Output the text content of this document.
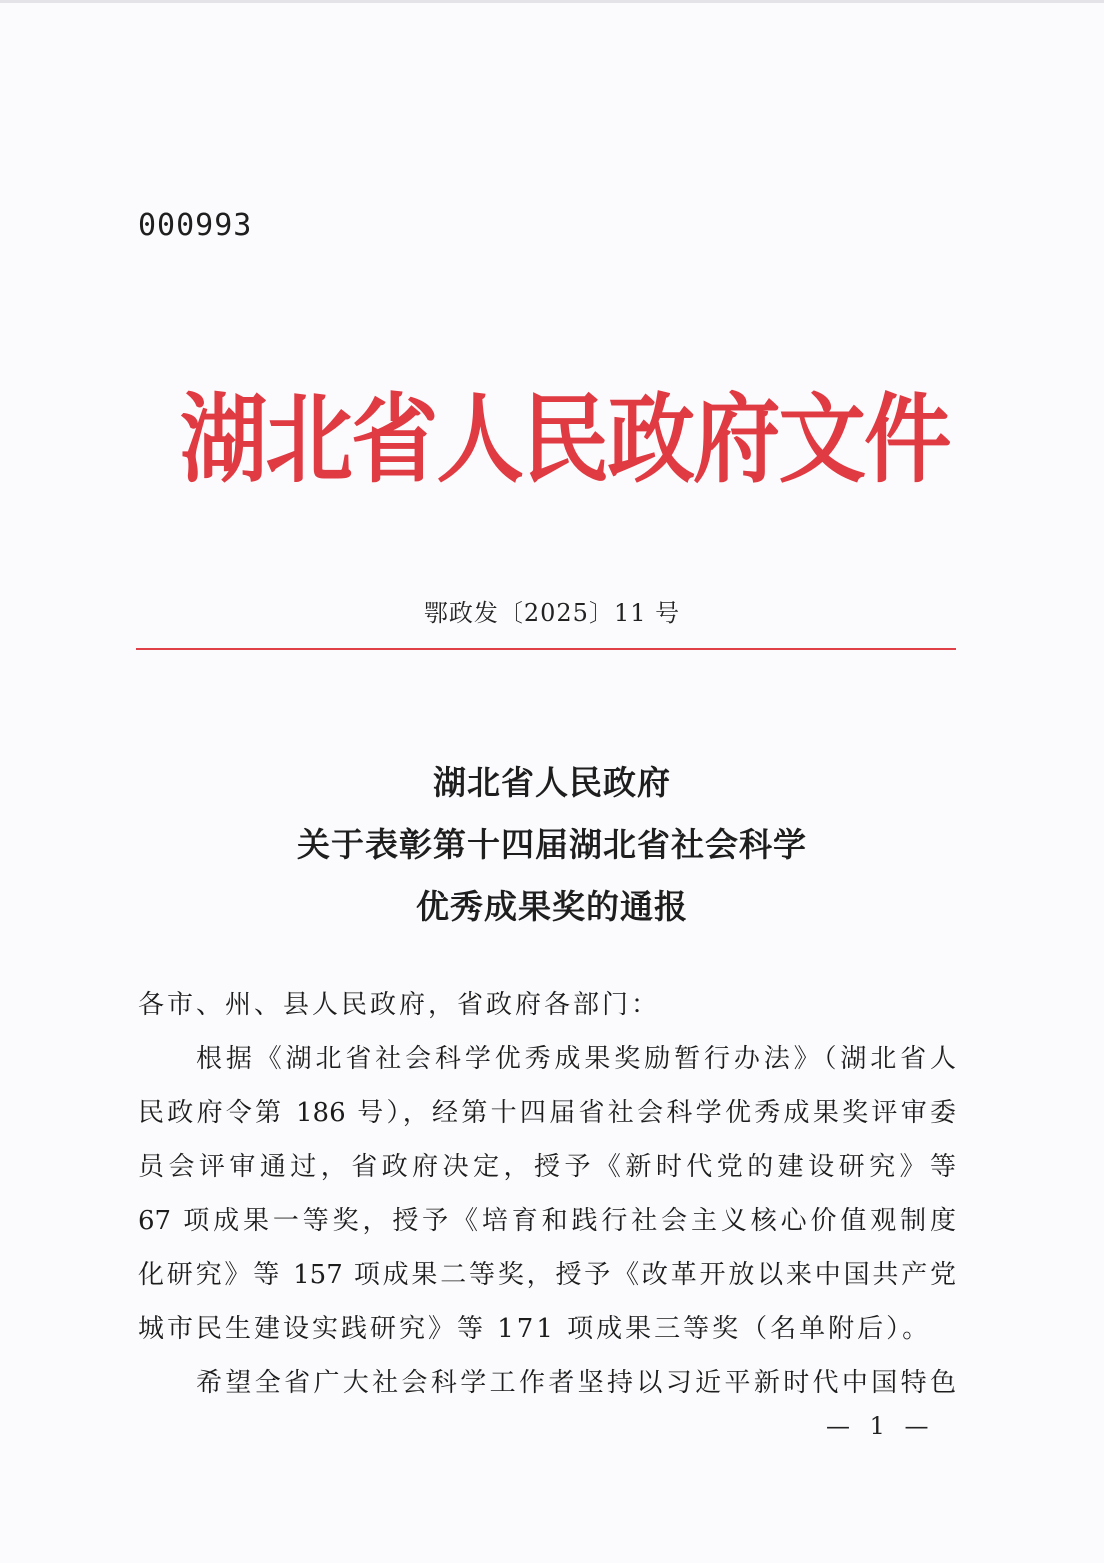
000993
湖北省人民政府文件
鄂政发〔2025〕11 号
湖北省人民政府
关于表彰第十四届湖北省社会科学
优秀成果奖的通报
各市、州、县人民政府，省政府各部门：
根据《湖北省社会科学优秀成果奖励暂行办法》（湖北省人
民政府令第 186 号），经第十四届省社会科学优秀成果奖评审委
员会评审通过，省政府决定，授予《新时代党的建设研究》等
67 项成果一等奖，授予《培育和践行社会主义核心价值观制度
化研究》等 157 项成果二等奖，授予《改革开放以来中国共产党
城市民生建设实践研究》等 171 项成果三等奖（名单附后）。
希望全省广大社会科学工作者坚持以习近平新时代中国特色
— 1 —
